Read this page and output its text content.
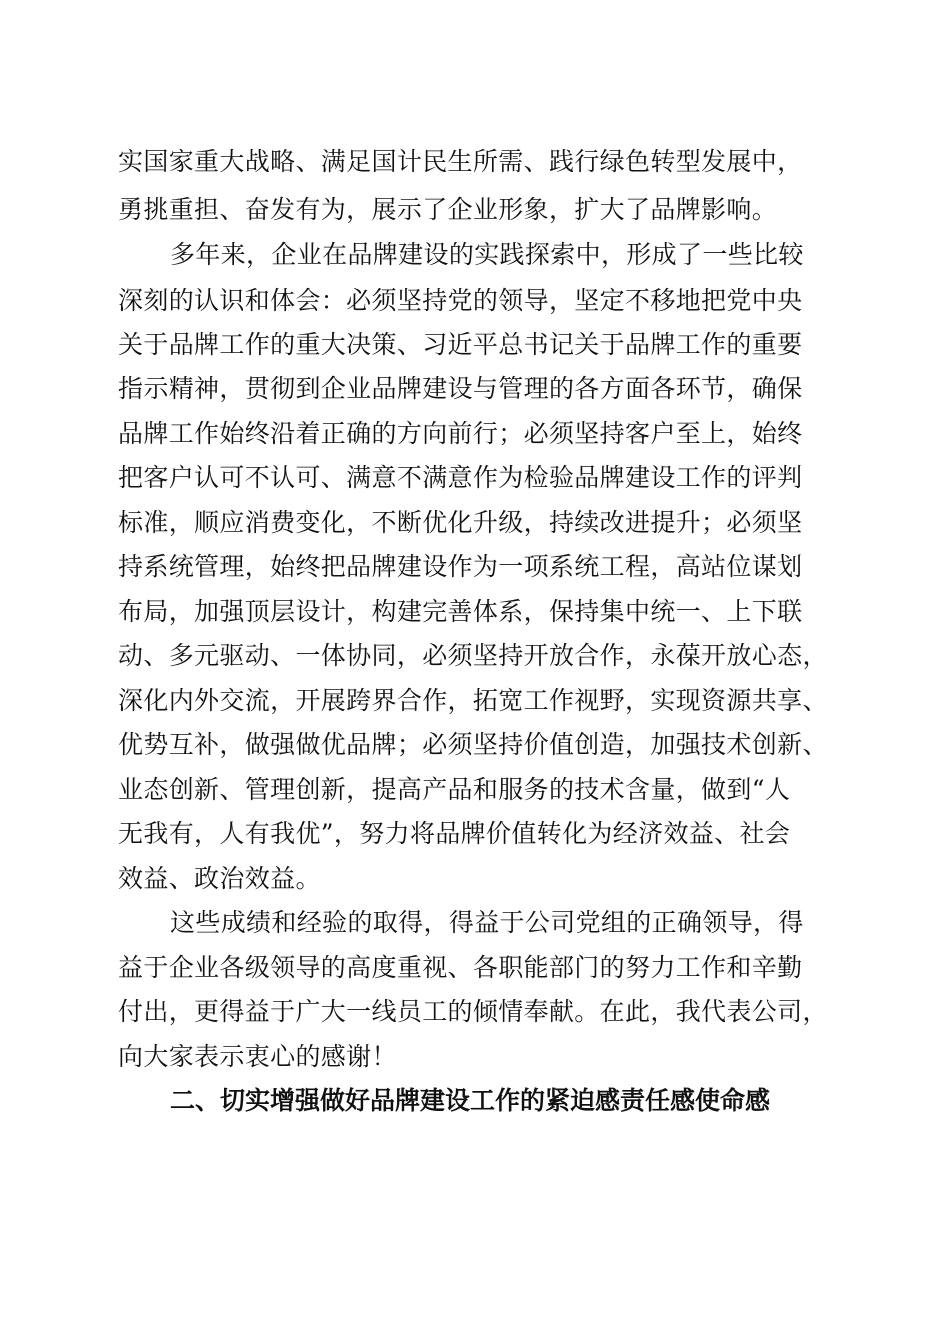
实国家重大战略、满足国计民生所需、践行绿色转型发展中，
勇挑重担、奋发有为，展示了企业形象，扩大了品牌影响。
多年来，企业在品牌建设的实践探索中，形成了一些比较
深刻的认识和体会：必须坚持党的领导，坚定不移地把党中央
关于品牌工作的重大决策、习近平总书记关于品牌工作的重要
指示精神，贯彻到企业品牌建设与管理的各方面各环节，确保
品牌工作始终沿着正确的方向前行；必须坚持客户至上，始终
把客户认可不认可、满意不满意作为检验品牌建设工作的评判
标准，顺应消费变化，不断优化升级，持续改进提升；必须坚
持系统管理，始终把品牌建设作为一项系统工程，高站位谋划
布局，加强顶层设计，构建完善体系，保持集中统一、上下联
动、多元驱动、一体协同，必须坚持开放合作，永葆开放心态，
深化内外交流，开展跨界合作，拓宽工作视野，实现资源共享、
优势互补，做强做优品牌；必须坚持价值创造，加强技术创新、
业态创新、管理创新，提高产品和服务的技术含量，做到“人
无我有，人有我优”，努力将品牌价值转化为经济效益、社会
效益、政治效益。
这些成绩和经验的取得，得益于公司党组的正确领导，得
益于企业各级领导的高度重视、各职能部门的努力工作和辛勤
付出，更得益于广大一线员工的倾情奉献。在此，我代表公司，
向大家表示衷心的感谢！
二、切实增强做好品牌建设工作的紧迫感责任感使命感
